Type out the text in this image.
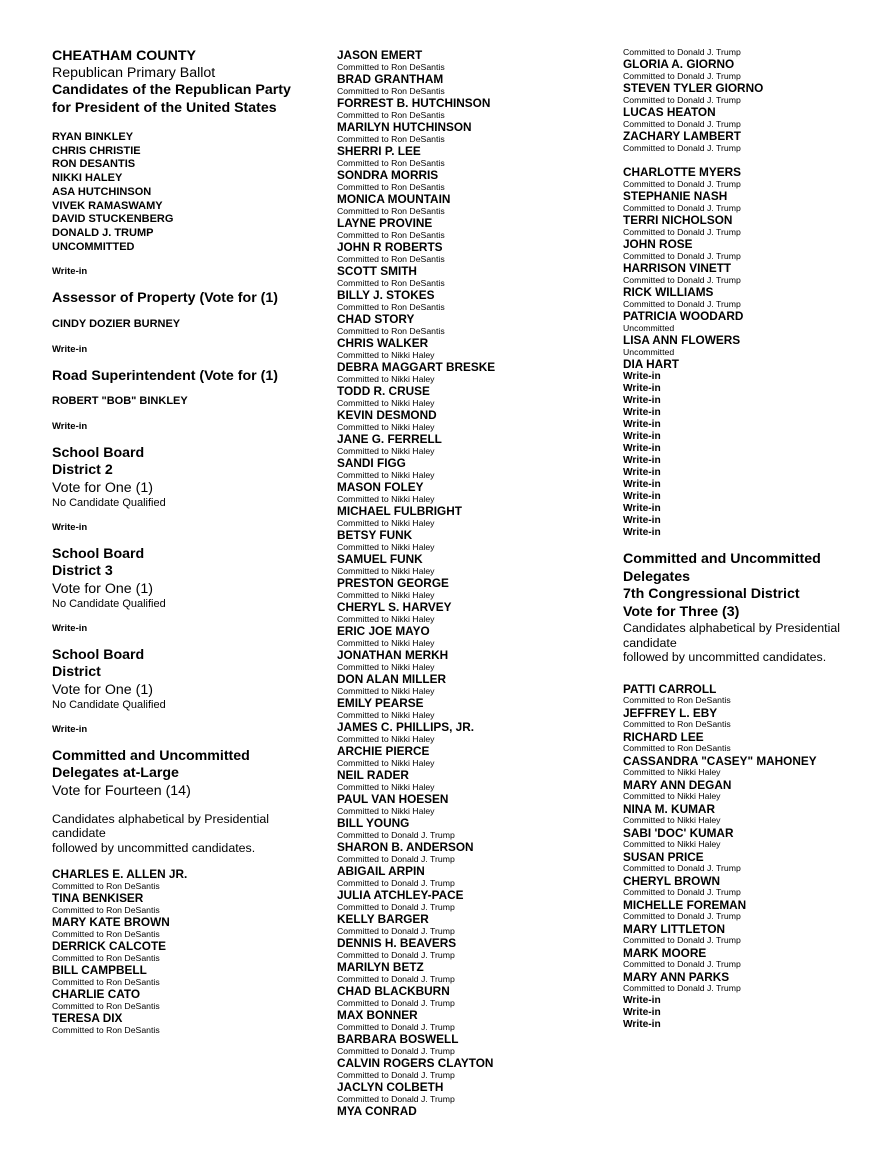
CHEATHAM COUNTY
Republican Primary Ballot
Candidates of the Republican Party for President of the United States
RYAN BINKLEY
CHRIS CHRISTIE
RON DESANTIS
NIKKI HALEY
ASA HUTCHINSON
VIVEK RAMASWAMY
DAVID STUCKENBERG
DONALD J. TRUMP
UNCOMMITTED
Write-in
Assessor of Property (Vote for (1)
CINDY DOZIER BURNEY
Write-in
Road Superintendent (Vote for (1)
ROBERT "BOB" BINKLEY
Write-in
School Board
District 2
Vote for One (1)
No Candidate Qualified
Write-in
School Board
District 3
Vote for One (1)
No Candidate Qualified
Write-in
School Board
District
Vote for One (1)
No Candidate Qualified
Write-in
Committed and Uncommitted Delegates at-Large
Vote for Fourteen (14)
Candidates alphabetical by Presidential candidate
followed by uncommitted candidates.
CHARLES E. ALLEN JR.
Committed to Ron DeSantis
TINA BENKISER
Committed to Ron DeSantis
MARY KATE BROWN
Committed to Ron DeSantis
DERRICK CALCOTE
Committed to Ron DeSantis
BILL CAMPBELL
Committed to Ron DeSantis
CHARLIE CATO
Committed to Ron DeSantis
TERESA DIX
Committed to Ron DeSantis
JASON EMERT
Committed to Ron DeSantis
BRAD GRANTHAM
Committed to Ron DeSantis
FORREST B. HUTCHINSON
Committed to Ron DeSantis
MARILYN HUTCHINSON
Committed to Ron DeSantis
SHERRI P. LEE
Committed to Ron DeSantis
SONDRA MORRIS
Committed to Ron DeSantis
MONICA MOUNTAIN
Committed to Ron DeSantis
LAYNE PROVINE
Committed to Ron DeSantis
JOHN R ROBERTS
Committed to Ron DeSantis
SCOTT SMITH
Committed to Ron DeSantis
BILLY J. STOKES
Committed to Ron DeSantis
CHAD STORY
Committed to Ron DeSantis
CHRIS WALKER
Committed to Nikki Haley
DEBRA MAGGART BRESKE
Committed to Nikki Haley
TODD R. CRUSE
Committed to Nikki Haley
KEVIN DESMOND
Committed to Nikki Haley
JANE G. FERRELL
Committed to Nikki Haley
SANDI FIGG
Committed to Nikki Haley
MASON FOLEY
Committed to Nikki Haley
MICHAEL FULBRIGHT
Committed to Nikki Haley
BETSY FUNK
Committed to Nikki Haley
SAMUEL FUNK
Committed to Nikki Haley
PRESTON GEORGE
Committed to Nikki Haley
CHERYL S. HARVEY
Committed to Nikki Haley
ERIC JOE MAYO
Committed to Nikki Haley
JONATHAN MERKH
Committed to Nikki Haley
DON ALAN MILLER
Committed to Nikki Haley
EMILY PEARSE
Committed to Nikki Haley
JAMES C. PHILLIPS, JR.
Committed to Nikki Haley
ARCHIE PIERCE
Committed to Nikki Haley
NEIL RADER
Committed to Nikki Haley
PAUL VAN HOESEN
Committed to Nikki Haley
BILL YOUNG
Committed to Donald J. Trump
SHARON B. ANDERSON
Committed to Donald J. Trump
ABIGAIL ARPIN
Committed to Donald J. Trump
JULIA ATCHLEY-PACE
Committed to Donald J. Trump
KELLY BARGER
Committed to Donald J. Trump
DENNIS H. BEAVERS
Committed to Donald J. Trump
MARILYN BETZ
Committed to Donald J. Trump
CHAD BLACKBURN
Committed to Donald J. Trump
MAX BONNER
Committed to Donald J. Trump
BARBARA BOSWELL
Committed to Donald J. Trump
CALVIN ROGERS CLAYTON
Committed to Donald J. Trump
JACLYN COLBETH
Committed to Donald J. Trump
MYA CONRAD
Committed to Donald J. Trump
GLORIA A. GIORNO
Committed to Donald J. Trump
STEVEN TYLER GIORNO
Committed to Donald J. Trump
LUCAS HEATON
Committed to Donald J. Trump
ZACHARY LAMBERT
Committed to Donald J. Trump
CHARLOTTE MYERS
Committed to Donald J. Trump
STEPHANIE NASH
Committed to Donald J. Trump
TERRI NICHOLSON
Committed to Donald J. Trump
JOHN ROSE
Committed to Donald J. Trump
HARRISON VINETT
Committed to Donald J. Trump
RICK WILLIAMS
Committed to Donald J. Trump
PATRICIA WOODARD
Uncommitted
LISA ANN FLOWERS
Uncommitted
DIA HART
Write-in
Write-in
Write-in
Write-in
Write-in
Write-in
Write-in
Write-in
Write-in
Write-in
Write-in
Write-in
Write-in
Write-in
Committed and Uncommitted
Delegates
7th Congressional District
Vote for Three (3)
Candidates alphabetical by Presidential candidate
followed by uncommitted candidates.
PATTI CARROLL
Committed to Ron DeSantis
JEFFREY L. EBY
Committed to Ron DeSantis
RICHARD LEE
Committed to Ron DeSantis
CASSANDRA "CASEY" MAHONEY
Committed to Nikki Haley
MARY ANN DEGAN
Committed to Nikki Haley
NINA M. KUMAR
Committed to Nikki Haley
SABI 'DOC' KUMAR
Committed to Nikki Haley
SUSAN PRICE
Committed to Donald J. Trump
CHERYL BROWN
Committed to Donald J. Trump
MICHELLE FOREMAN
Committed to Donald J. Trump
MARY LITTLETON
Committed to Donald J. Trump
MARK MOORE
Committed to Donald J. Trump
MARY ANN PARKS
Committed to Donald J. Trump
Write-in
Write-in
Write-in
